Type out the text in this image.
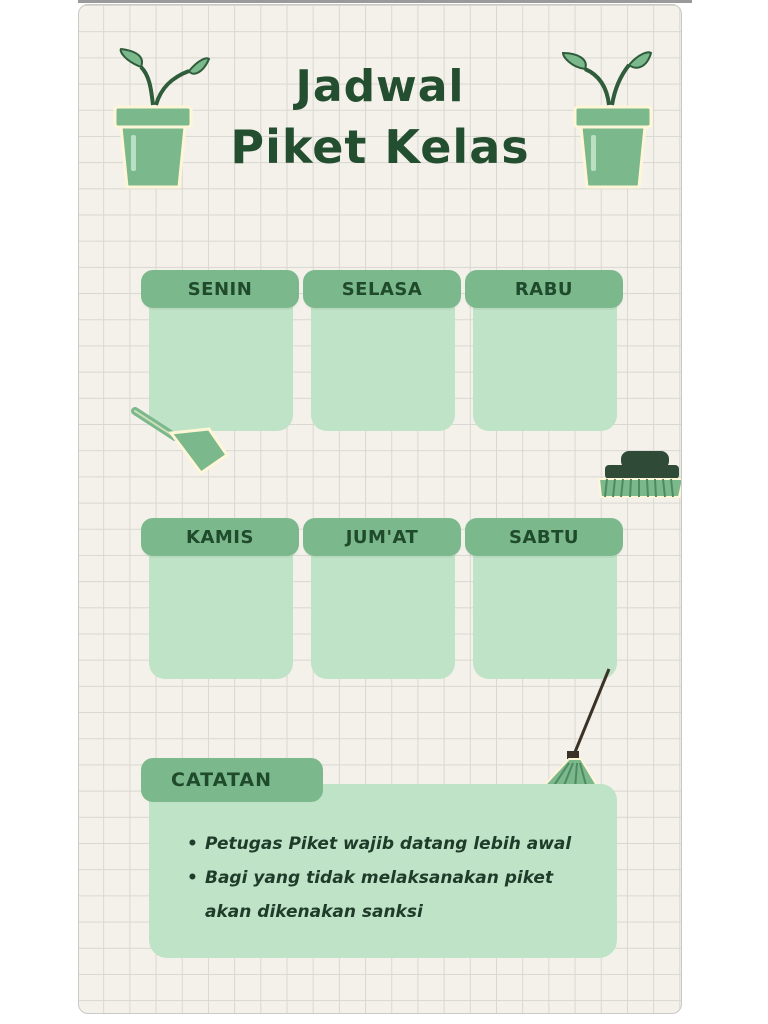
Jadwal
Piket Kelas
SENIN	SELASA	RABU
KAMIS	JUM'AT	SABTU
CATATAN
• Petugas Piket wajib datang lebih awal
• Bagi yang tidak melaksanakan piket
akan dikenakan sanksi
